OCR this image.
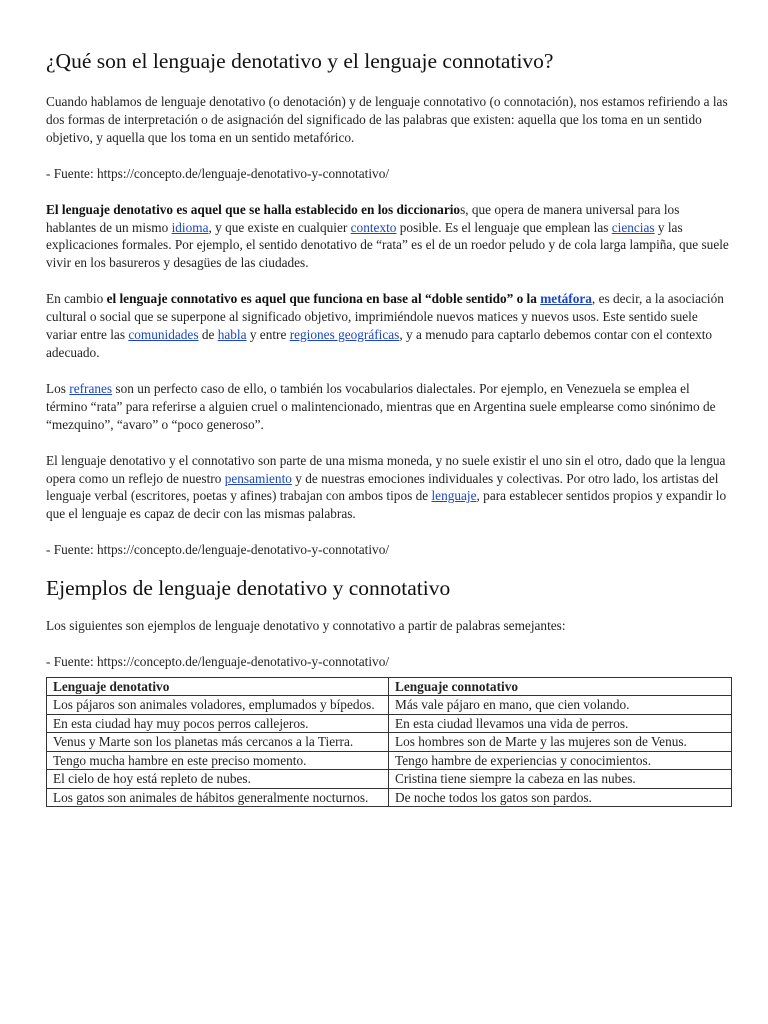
¿Qué son el lenguaje denotativo y el lenguaje connotativo?

Cuando hablamos de lenguaje denotativo (o denotación) y de lenguaje connotativo (o connotación), nos estamos refiriendo a las dos formas de interpretación o de asignación del significado de las palabras que existen: aquella que los toma en un sentido objetivo, y aquella que los toma en un sentido metafórico.

- Fuente: https://concepto.de/lenguaje-denotativo-y-connotativo/

El lenguaje denotativo es aquel que se halla establecido en los diccionarios, que opera de manera universal para los hablantes de un mismo idioma, y que existe en cualquier contexto posible. Es el lenguaje que emplean las ciencias y las explicaciones formales. Por ejemplo, el sentido denotativo de “rata” es el de un roedor peludo y de cola larga lampiña, que suele vivir en los basureros y desagües de las ciudades.

En cambio el lenguaje connotativo es aquel que funciona en base al “doble sentido” o la metáfora, es decir, a la asociación cultural o social que se superpone al significado objetivo, imprimiéndole nuevos matices y nuevos usos. Este sentido suele variar entre las comunidades de habla y entre regiones geográficas, y a menudo para captarlo debemos contar con el contexto adecuado.

Los refranes son un perfecto caso de ello, o también los vocabularios dialectales. Por ejemplo, en Venezuela se emplea el término “rata” para referirse a alguien cruel o malintencionado, mientras que en Argentina suele emplearse como sinónimo de “mezquino”, “avaro” o “poco generoso”.

El lenguaje denotativo y el connotativo son parte de una misma moneda, y no suele existir el uno sin el otro, dado que la lengua opera como un reflejo de nuestro pensamiento y de nuestras emociones individuales y colectivas. Por otro lado, los artistas del lenguaje verbal (escritores, poetas y afines) trabajan con ambos tipos de lenguaje, para establecer sentidos propios y expandir lo que el lenguaje es capaz de decir con las mismas palabras.

- Fuente: https://concepto.de/lenguaje-denotativo-y-connotativo/

Ejemplos de lenguaje denotativo y connotativo

Los siguientes son ejemplos de lenguaje denotativo y connotativo a partir de palabras semejantes:

- Fuente: https://concepto.de/lenguaje-denotativo-y-connotativo/

Lenguaje denotativo	Lenguaje connotativo
Los pájaros son animales voladores, emplumados y bípedos.	Más vale pájaro en mano, que cien volando.
En esta ciudad hay muy pocos perros callejeros.	En esta ciudad llevamos una vida de perros.
Venus y Marte son los planetas más cercanos a la Tierra.	Los hombres son de Marte y las mujeres son de Venus.
Tengo mucha hambre en este preciso momento.	Tengo hambre de experiencias y conocimientos.
El cielo de hoy está repleto de nubes.	Cristina tiene siempre la cabeza en las nubes.
Los gatos son animales de hábitos generalmente nocturnos.	De noche todos los gatos son pardos.
